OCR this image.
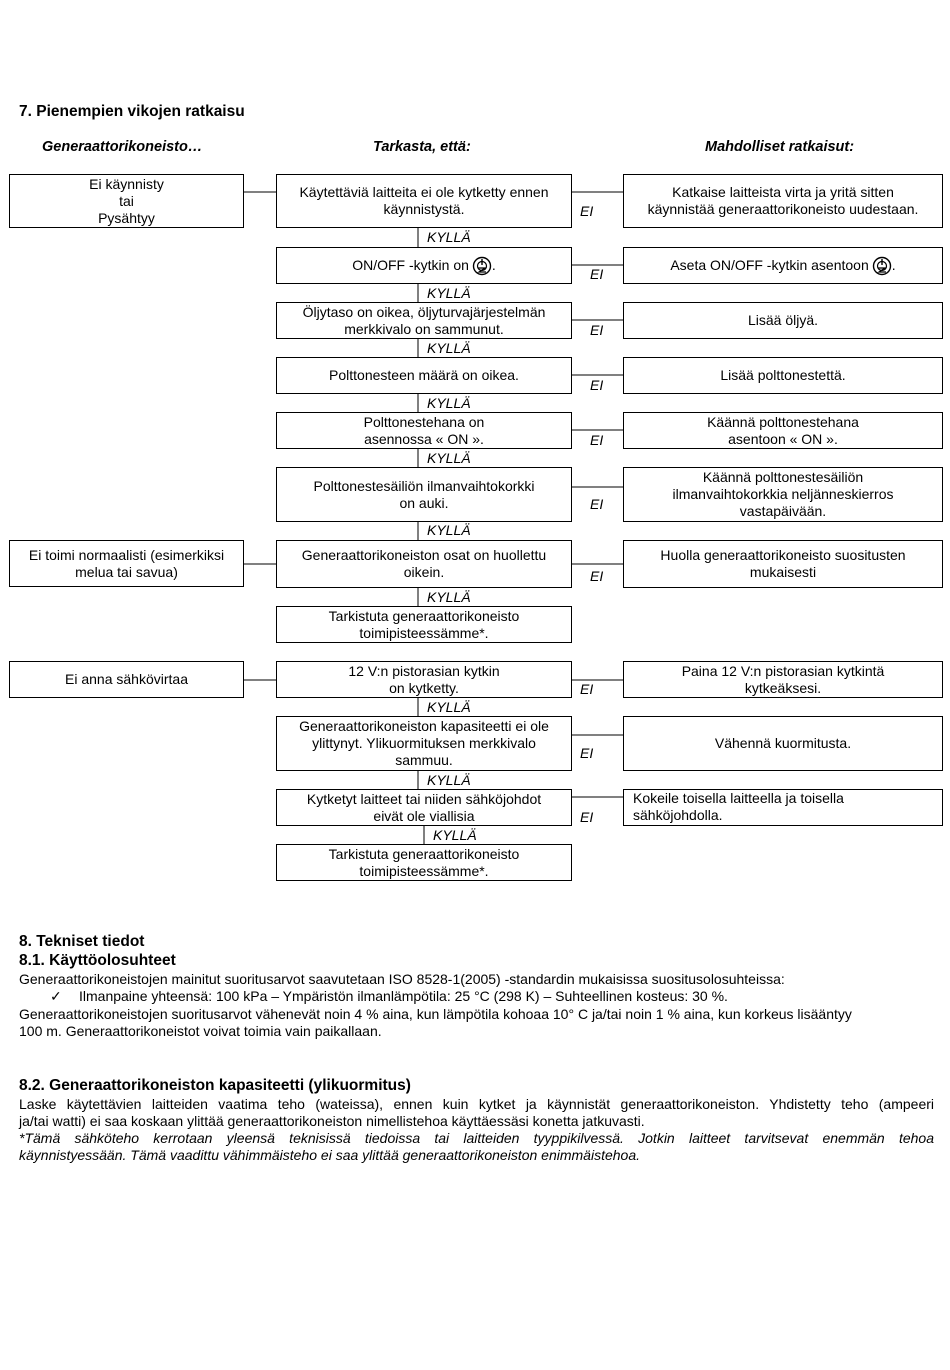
7. Pienempien vikojen ratkaisu
Generaattorikoneisto…	Tarkasta, että:	Mahdolliset ratkaisut:
Ei käynnisty
tai
Pysähtyy
Ei toimi normaalisti (esimerkiksi
melua tai savua)
Ei anna sähkövirtaa
Käytettäviä laitteita ei ole kytketty ennen
käynnistystä.
ON/OFF -kytkin on .
Öljytaso on oikea, öljyturvajärjestelmän
merkkivalo on sammunut.
Polttonesteen määrä on oikea.
Polttonestehana on
asennossa « ON ».
Polttonestesäiliön ilmanvaihtokorkki
on auki.
Generaattorikoneiston osat on huollettu
oikein.
Tarkistuta generaattorikoneisto
toimipisteessämme*.
12 V:n pistorasian kytkin
on kytketty.
Generaattorikoneiston kapasiteetti ei ole
ylittynyt. Ylikuormituksen merkkivalo
sammuu.
Kytketyt laitteet tai niiden sähköjohdot
eivät ole viallisia
Tarkistuta generaattorikoneisto
toimipisteessämme*.
Katkaise laitteista virta ja yritä sitten
käynnistää generaattorikoneisto uudestaan.
Aseta ON/OFF -kytkin asentoon .
Lisää öljyä.
Lisää polttonestettä.
Käännä polttonestehana
asentoon « ON ».
Käännä polttonestesäiliön
ilmanvaihtokorkkia neljänneskierros
vastapäivään.
Huolla generaattorikoneisto suositusten
mukaisesti
Paina 12 V:n pistorasian kytkintä
kytkeäksesi.
Vähennä kuormitusta.
Kokeile toisella laitteella ja toisella
sähköjohdolla.
KYLLÄ
KYLLÄ
KYLLÄ
KYLLÄ
KYLLÄ
KYLLÄ
KYLLÄ
KYLLÄ
KYLLÄ
KYLLÄ
EI
EI
EI
EI
EI
EI
EI
EI
EI
EI
8. Tekniset tiedot
8.1. Käyttöolosuhteet
Generaattorikoneistojen mainitut suoritusarvot saavutetaan ISO 8528-1(2005) -standardin mukaisissa suositusolosuhteissa:
✓ Ilmanpaine yhteensä: 100 kPa – Ympäristön ilmanlämpötila: 25 °C (298 K) – Suhteellinen kosteus: 30 %.
Generaattorikoneistojen suoritusarvot vähenevät noin 4 % aina, kun lämpötila kohoaa 10° C ja/tai noin 1 % aina, kun korkeus lisääntyy
100 m. Generaattorikoneistot voivat toimia vain paikallaan.
8.2. Generaattorikoneiston kapasiteetti (ylikuormitus)
Laske käytettävien laitteiden vaatima teho (wateissa), ennen kuin kytket ja käynnistät generaattorikoneiston. Yhdistetty teho (ampeeri
ja/tai watti) ei saa koskaan ylittää generaattorikoneiston nimellistehoa käyttäessäsi konetta jatkuvasti.
*Tämä sähköteho kerrotaan yleensä teknisissä tiedoissa tai laitteiden tyyppikilvessä. Jotkin laitteet tarvitsevat enemmän tehoa
käynnistyessään. Tämä vaadittu vähimmäisteho ei saa ylittää generaattorikoneiston enimmäistehoa.
